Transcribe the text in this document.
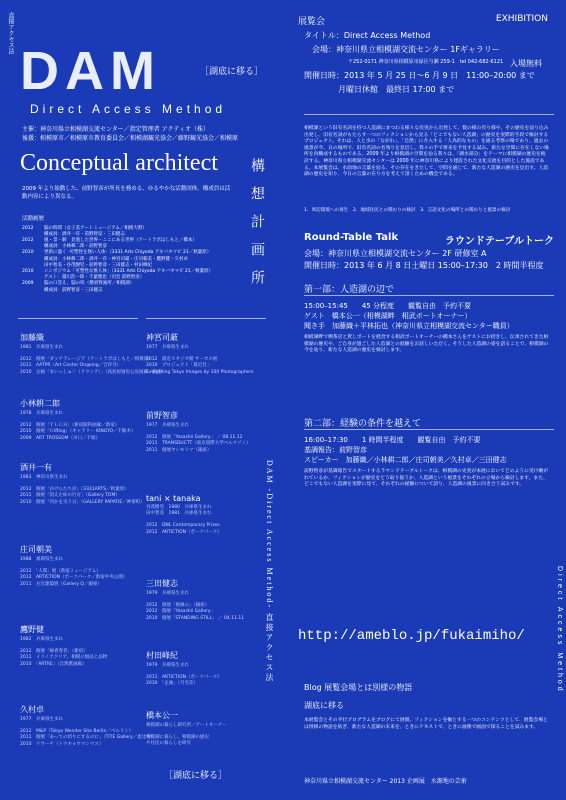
直接アクセス法
DAM	［湖底に移る］
Direct Access Method
主催：神奈川県立相模湖交流センター／指定管理者 アクティオ（株）
後援：相模原市／相模原市教育委員会／相模湖観光協会／藤野観光協会／相模原
Conceptual architect 構想計画所
2009 年より始動した、前野智彦が所長を務める、ゆるやかな活動団体。構成員は活動内容により異なる。
活動履歴
2012	脳の時間（女子美アートミュージアム／相模大野）
構成員：酒井一有・前野智彦・三田健志
2012	風・景・解　見過した世界・ここにある世界（アートラボはしもと／橋本）
構成員：小林耕二郎・前野智彦
2010	更新に盛く -可塑性を無い人体-（3331 Arts Chiyoda アキバタマビ 21／秋葉原）
構成員：小林耕二郎・酒井一有・神宮司厳・庄司朝美・鷹野健・久村卓
田中智美・谷茂樹児・前野智彦・三田健志・村田峰紀
2010	シンポジウム「可塑性な無人体」（3331 Arts Chiyoda アキバタマビ 21／秋葉原）
ゲスト：越川浩一郎・千葉雅也（司会 前野智彦）
2009	脳の口答え、脳の咲（横須賀画所／相模湖）
構成員：前野智彦・三田健志
加藤織
1981　兵庫県生まれ
2012　個展「ダッチラレージア（アートラボはしもと／相模原）
2011　AATPR（Art Center Ongoing／吉祥寺）
2010　企画「まいっしゅ♡（ドウシテ）」（高島屋画房公房画廊／銀座）
小林耕二郎
1978　兵庫県生まれ
2012　個展「ＴＬＣＨ」（新宿眼科画廊／新宿）
2010　個展「Ｇifting」（ギャラリー KINGYO／千駄木）
2009　ART TROSSOM（川口／千駄）
酒井一有
1983　神奈川県生まれ
2012　個展「かけらたちが」（3331ARTS／秋葉原）
2011　個展「消えた絵の行方」（Gallery TOM）
2010　個展「何かを失う日」（GALLERY PAPATIE／神保町）
庄司朝美
1988　福岡県生まれ
2012　「人間」展（新宿ミュージアム）
2012　ARTICTION（ポーツパーク／新宿中央公園）
2011　左官建築展（Gallery Q／銀座）
鷹野健
1982　兵庫県生まれ
2012　個展「線香奏者」（新宿）
2011　イリノアクリア、相模の無品と品物
2010　「ARTRE」（自然派画廊）
久村卓
1977　兵庫県生まれ
2012　M&P（Tokyo Wonder Site Berlin／ベルリン）
2011　個展「あっての切りにするのに」（TITE Gallery／恵比寿）
2010　リサーチ（トウキョウマシマス）
神宮司厳
1977　兵庫県生まれ
2012　最近スタジオ館 サーカス展
2010　プロジェクト「最近目」
Everything Tokyo Images by 100 Photographers
前野智彦
1977　兵庫県生まれ
2012　個展「Yasashii Gallery」 ／ 08.11.12
2011　TRANSDUCTT（東京国際大学ベルクソン）
2011　個展ヤシモリマ（銀座）
tani × tanaka
谷茂樹児　1980　兵庫県生まれ
田中智美　1981　兵庫県生まれ
2012　DNL Contemporary Prizes
2012　ARTICTION（ポーツパーク）
三田健志
1979　兵庫県生まれ
2012　個展「視線の」（銀座）
2012　個展「Yasashii Gallery」
2010　個展「STANDING STILL」 ／ 04.11.11
村田峰紀
1979　兵庫県生まれ
2011　ARTICTION（ポーツパーク）
2010　「企画」（月光荘）
橋本公一
相模湖の暮らし研究所／アートオーナー
相模湖に暮らし、相模湖の歴史
や住民の暮らしを研究
DAM -Direct Access Method- 直接アクセス法
［湖底に移る］
展覧会	EXHIBITION
タイトル：Direct Access Method
会場：神奈川県立相模湖交流センター 1Fギャラリー
〒252-0171 神奈川県相模原市緑区与瀬 259-1　tel 042-682-6121 入場無料
開催日時：2013 年 5 月 25 日～6 月 9 日　11:00–20:00 まで
月曜日休館　最終日 17:00 まで
相模湖という旧有名詞を持つ人造湖にまつわる様々な史実から出発して、数の様の有り様や、その歴史を辿り込み出発し、旧有名詞がもたらす一つのフィクションから見る「どこでもない人造湖」の歴史を実際的手段で検討するプロジェクト。それは、人と水の「ながれ」、「自然」に介入する「人為的なもの」を通る考察の場であり、過去の風景が今、日の場所で、旧有名詞の名残りを見出し、我々の手で将来を予見する試み。新たな空間に存在しない場所を再構成するものである。2009 年より相模湖の空間を辿る我々は、「湖水部分」をテーマに相模湖の歴史を検討する。神奈川県立相模湖交流センターは 2000 年に神奈川県により建設された文化交流を目的とした施設である。本展覧会は、水面地の言葉を辿る、その存在をきたして、空間を通じて、新たな人造湖の歴史を見出す。人造湖の歴史を知り、今日の言葉の在り方を考えて頂くための機会である。
1．周辺環境への再生　2．地域住民との関わりの検討　3．言語文化の場所との関わりと風景の検討
Round-Table Talk	ラウンドテーブルトーク
会場：神奈川県立相模湖交流センター 2F 研修室 A
開催日時：2013 年 6 月 8 日土曜日 15:00–17:30　2 時間半程度
第一部：人造湖の辺で
15:00–15:45　　45 分程度　　観覧自由　予約不要
ゲスト　橋本公一（相模湖畔　相武ボートオーナー）
聞き手　加藤織＋平林拓也（神奈川県立相模湖交流センター職員）
相模湖畔で喫茶店と貸しボートを経営する相武ボートオーナーの橋本さんをゲストにお招きし、伝承されてきた相模湖の歴史や、ご自身が過ごした人造湖との経験をお話しいただく。そうした人造湖の姿を語ることで、相模湖の今を辿り、新たな人造湖の歴史を検討します。
第二部：経験の条件を越えて
16:00–17:30　　1 時間半程度　　観覧自由　予約不要
基調報告：前野智彦
スピーカー　加藤織／小林耕二郎／庄司朝美／久村卓／三田健志
前野智彦が基調報告でスタートするラウンドテーブルトークは、相模湖の史実が本展においてどのように受け継がれているか、フィクションが歴史をどう取り扱うか、人造湖という風景をそれぞれの立場から検討します。また、どこでもない人造湖を実際に見て、それぞれの経験について語り、人造湖の風景に向き合う試みです。
http://ameblo.jp/fukaimiho/
Blog 展覧会場とは別様の物語
湖底に移る
本展覧会とその平行プログラムをブログにて展開。フィクションを軸とする一つのコンテンツとして、展覧会場とは別様の物語を紡ぎ、新たな人造湖の未来を、ときにテキストで、ときに画像で画面で探ることを試みます。
神奈川県立相模湖交流センター 2013 企画展　水源地の芸術
Direct Access Method
